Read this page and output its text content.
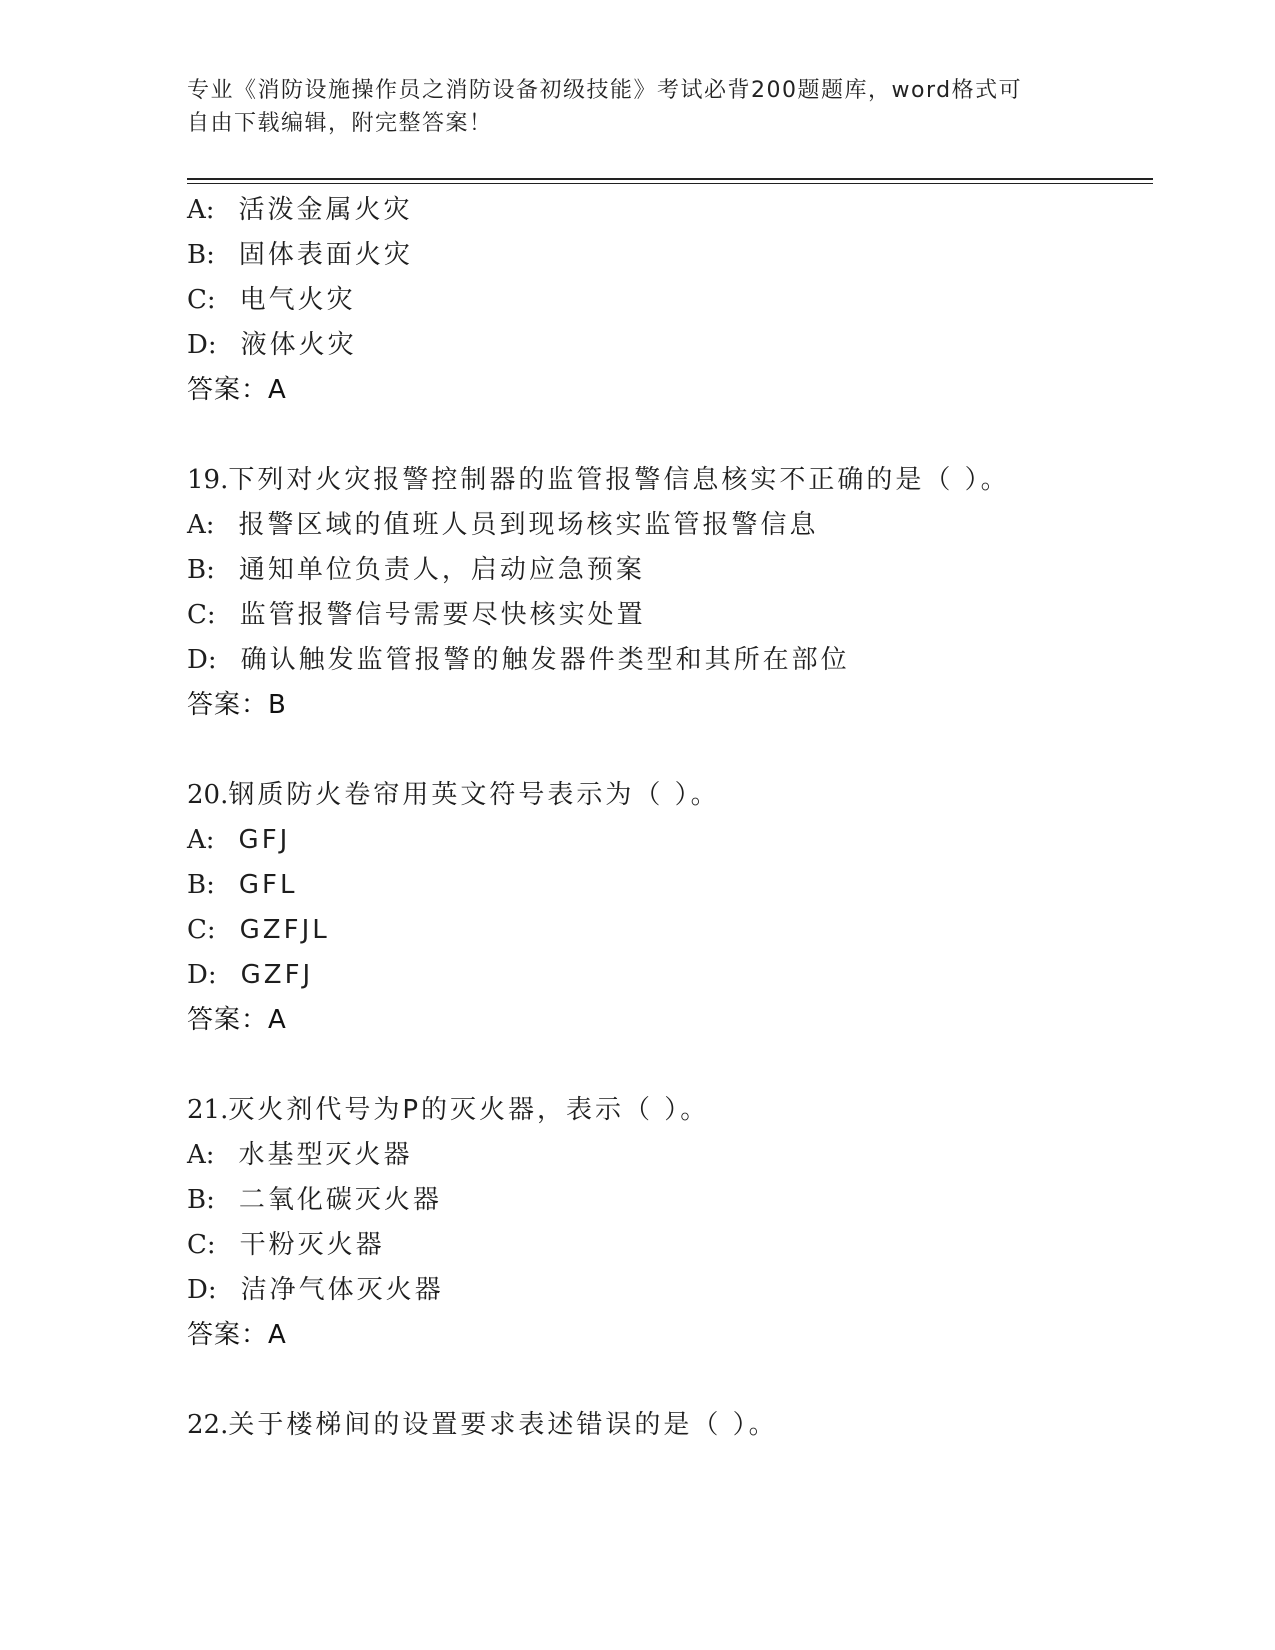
专业《消防设施操作员之消防设备初级技能》考试必背200题题库，word格式可
自由下载编辑，附完整答案！
A: 活泼金属火灾
B: 固体表面火灾
C: 电气火灾
D: 液体火灾
答案：A
19.下列对火灾报警控制器的监管报警信息核实不正确的是（ ）。
A: 报警区域的值班人员到现场核实监管报警信息
B: 通知单位负责人，启动应急预案
C: 监管报警信号需要尽快核实处置
D: 确认触发监管报警的触发器件类型和其所在部位
答案：B
20.钢质防火卷帘用英文符号表示为（ ）。
A: GFJ
B: GFL
C: GZFJL
D: GZFJ
答案：A
21.灭火剂代号为P的灭火器，表示（ ）。
A: 水基型灭火器
B: 二氧化碳灭火器
C: 干粉灭火器
D: 洁净气体灭火器
答案：A
22.关于楼梯间的设置要求表述错误的是（ ）。
